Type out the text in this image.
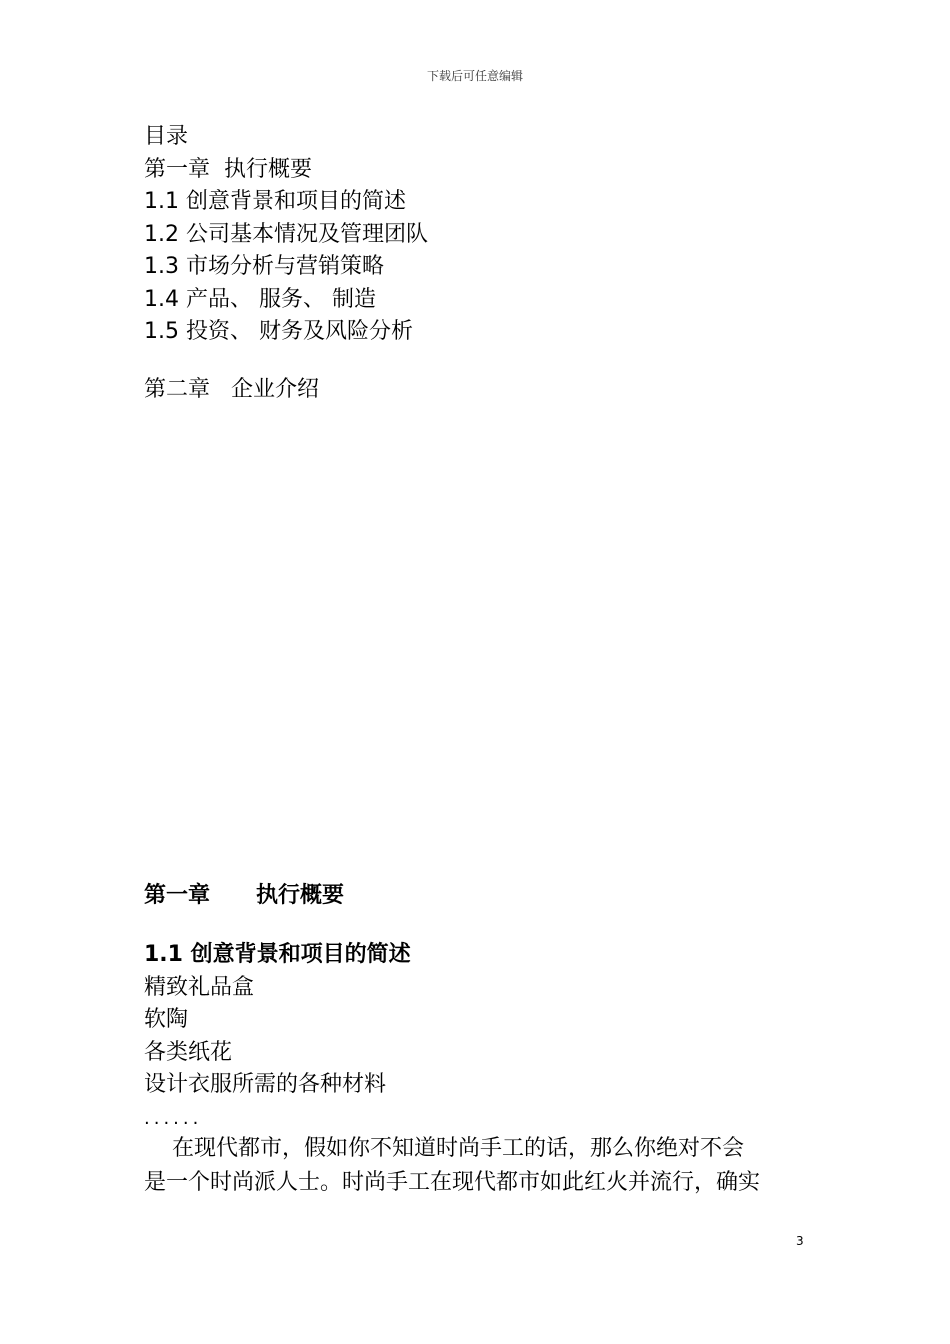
下载后可任意编辑
目录
第一章  执行概要
1.1 创意背景和项目的简述
1.2 公司基本情况及管理团队
1.3 市场分析与营销策略
1.4 产品、 服务、 制造
1.5 投资、 财务及风险分析
第二章   企业介绍
第一章      执行概要
1.1 创意背景和项目的简述
精致礼品盒
软陶
各类纸花
设计衣服所需的各种材料
......
在现代都市，假如你不知道时尚手工的话，那么你绝对不会
是一个时尚派人士。时尚手工在现代都市如此红火并流行，确实
3
